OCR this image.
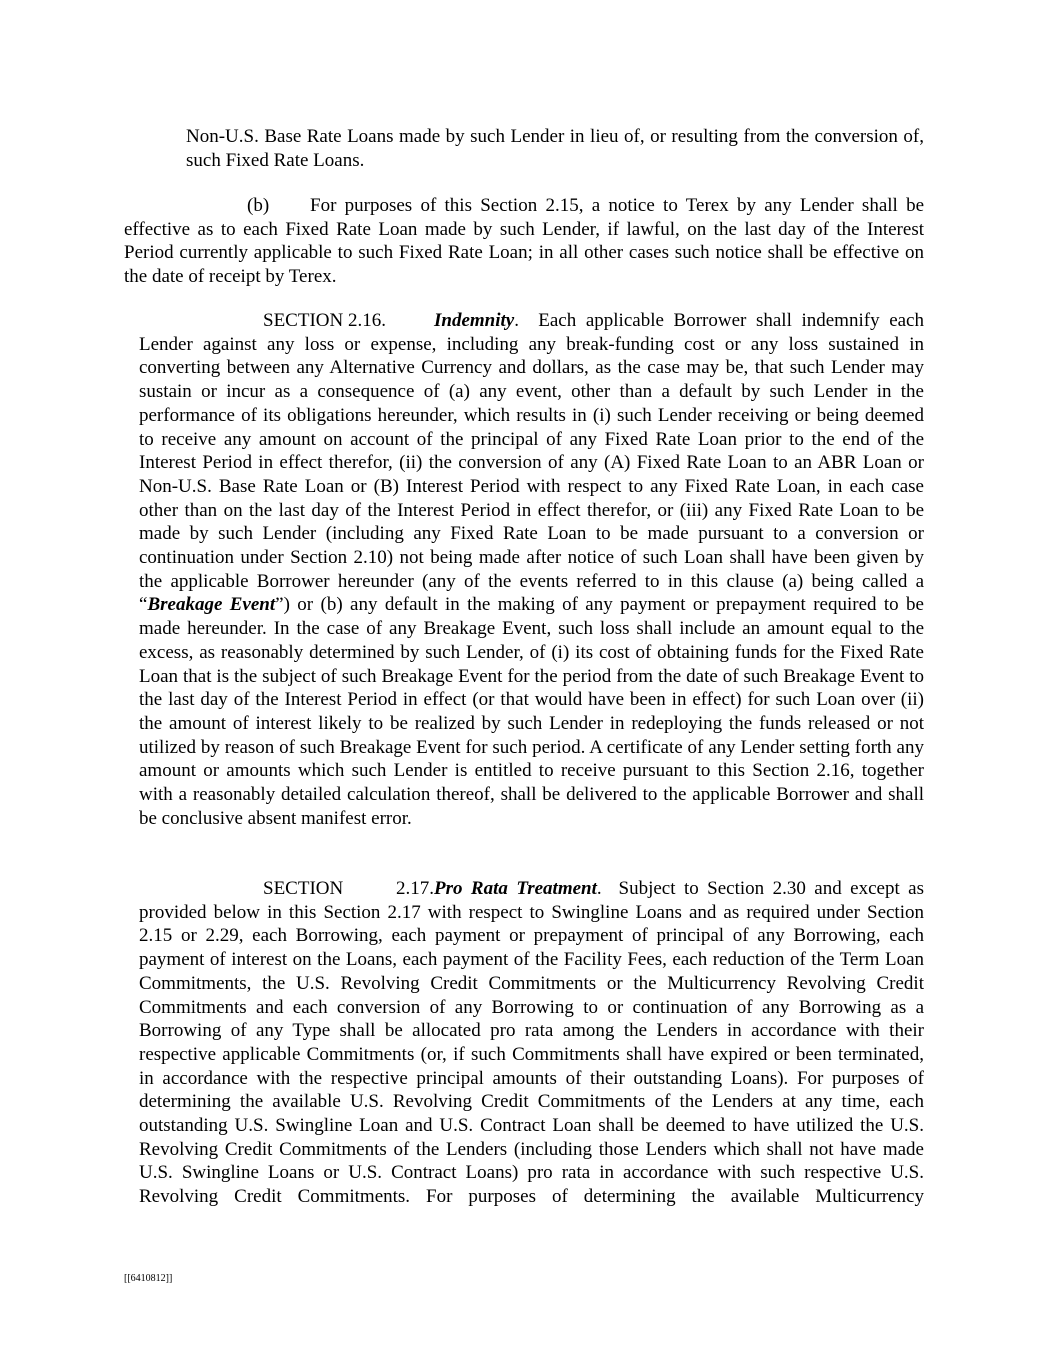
Non-U.S. Base Rate Loans made by such Lender in lieu of, or resulting from the conversion of, such Fixed Rate Loans.

(b) For purposes of this Section 2.15, a notice to Terex by any Lender shall be effective as to each Fixed Rate Loan made by such Lender, if lawful, on the last day of the Interest Period currently applicable to such Fixed Rate Loan; in all other cases such notice shall be effective on the date of receipt by Terex.

SECTION 2.16.	Indemnity. Each applicable Borrower shall indemnify each Lender against any loss or expense, including any break-funding cost or any loss sustained in converting between any Alternative Currency and dollars, as the case may be, that such Lender may sustain or incur as a consequence of (a) any event, other than a default by such Lender in the performance of its obligations hereunder, which results in (i) such Lender receiving or being deemed to receive any amount on account of the principal of any Fixed Rate Loan prior to the end of the Interest Period in effect therefor, (ii) the conversion of any (A) Fixed Rate Loan to an ABR Loan or Non-U.S. Base Rate Loan or (B) Interest Period with respect to any Fixed Rate Loan, in each case other than on the last day of the Interest Period in effect therefor, or (iii) any Fixed Rate Loan to be made by such Lender (including any Fixed Rate Loan to be made pursuant to a conversion or continuation under Section 2.10) not being made after notice of such Loan shall have been given by the applicable Borrower hereunder (any of the events referred to in this clause (a) being called a “Breakage Event”) or (b) any default in the making of any payment or prepayment required to be made hereunder. In the case of any Breakage Event, such loss shall include an amount equal to the excess, as reasonably determined by such Lender, of (i) its cost of obtaining funds for the Fixed Rate Loan that is the subject of such Breakage Event for the period from the date of such Breakage Event to the last day of the Interest Period in effect (or that would have been in effect) for such Loan over (ii) the amount of interest likely to be realized by such Lender in redeploying the funds released or not utilized by reason of such Breakage Event for such period. A certificate of any Lender setting forth any amount or amounts which such Lender is entitled to receive pursuant to this Section 2.16, together with a reasonably detailed calculation thereof, shall be delivered to the applicable Borrower and shall be conclusive absent manifest error.

SECTION 2.17.Pro Rata Treatment. Subject to Section 2.30 and except as provided below in this Section 2.17 with respect to Swingline Loans and as required under Section 2.15 or 2.29, each Borrowing, each payment or prepayment of principal of any Borrowing, each payment of interest on the Loans, each payment of the Facility Fees, each reduction of the Term Loan Commitments, the U.S. Revolving Credit Commitments or the Multicurrency Revolving Credit Commitments and each conversion of any Borrowing to or continuation of any Borrowing as a Borrowing of any Type shall be allocated pro rata among the Lenders in accordance with their respective applicable Commitments (or, if such Commitments shall have expired or been terminated, in accordance with the respective principal amounts of their outstanding Loans). For purposes of determining the available U.S. Revolving Credit Commitments of the Lenders at any time, each outstanding U.S. Swingline Loan and U.S. Contract Loan shall be deemed to have utilized the U.S. Revolving Credit Commitments of the Lenders (including those Lenders which shall not have made U.S. Swingline Loans or U.S. Contract Loans) pro rata in accordance with such respective U.S. Revolving Credit Commitments. For purposes of determining the available Multicurrency

[[6410812]]
